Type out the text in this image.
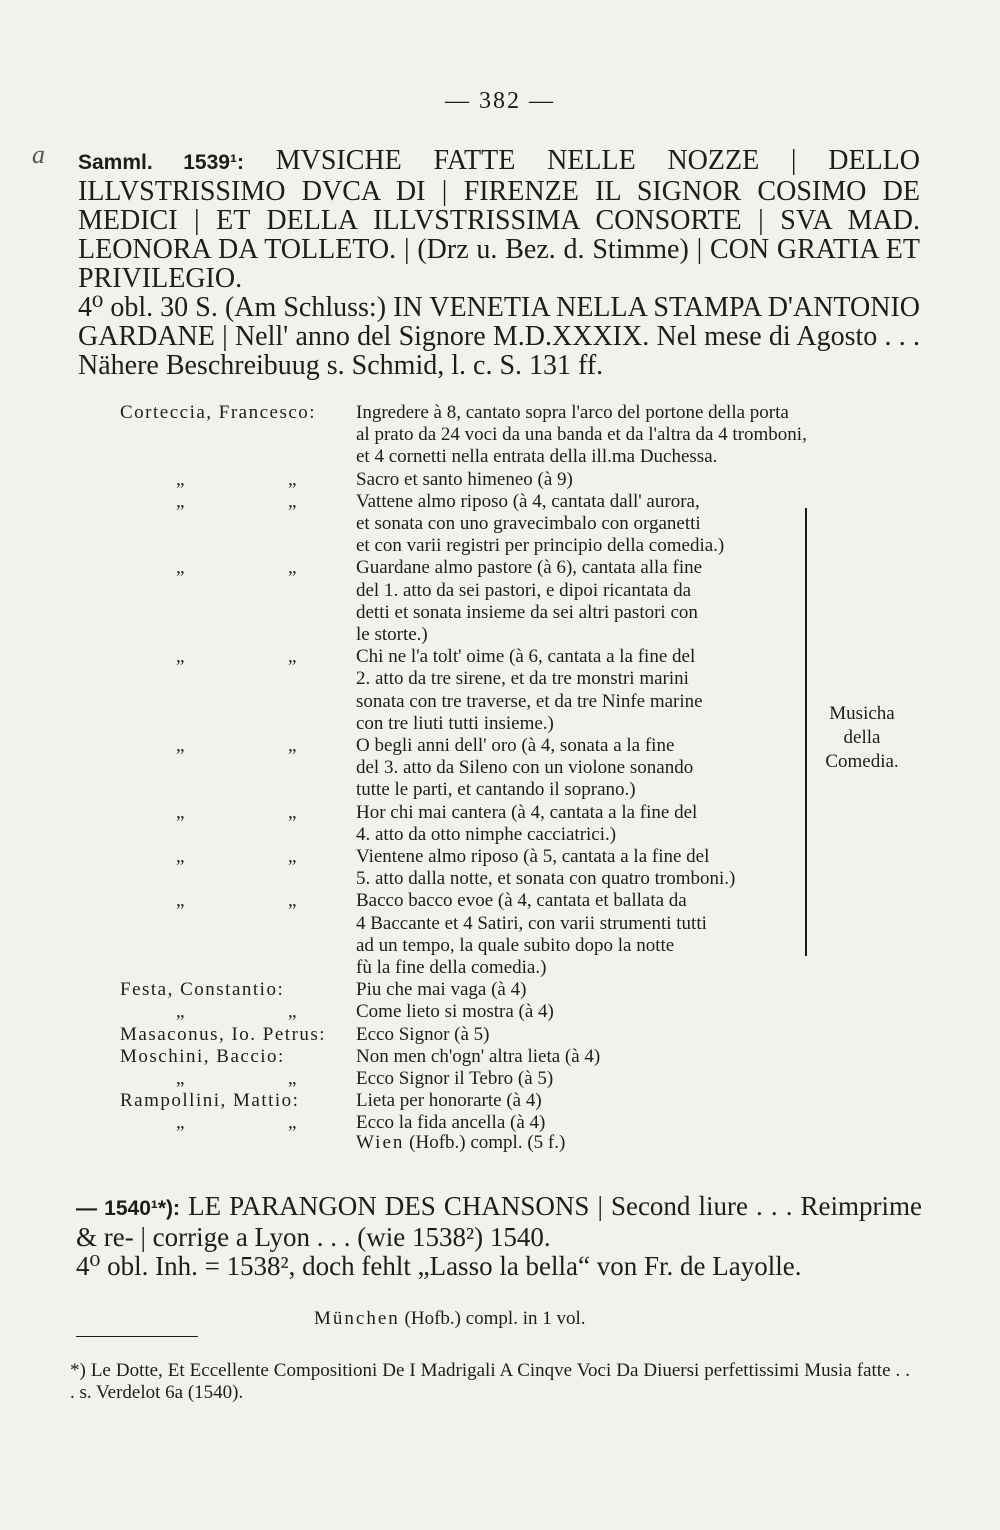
— 382 —
a Samml. 1539¹: MVSICHE FATTE NELLE NOZZE | DELLO ILLVSTRISSIMO DVCA DI | FIRENZE IL SIGNOR COSIMO DE MEDICI | ET DELLA ILLVSTRISSIMA CONSORTE | SVA MAD. LEONORA DA TOLLETO. | (Drz u. Bez. d. Stimme) | CON GRATIA ET PRIVILEGIO.

4⁰ obl. 30 S. (Am Schluss:) IN VENETIA NELLA STAMPA D'ANTONIO GARDANE | Nell' anno del Signore M.D.XXXIX. Nel mese di Agosto . . . Nähere Beschreibuug s. Schmid, l. c. S. 131 ff.

Corteccia, Francesco: Ingredere à 8, cantato sopra l'arco del portone della porta
al prato da 24 voci da una banda et da l'altra da 4 tromboni,
et 4 cornetti nella entrata della ill.ma Duchessa.
„	„	Sacro et santo himeneo (à 9)
„	„	Vattene almo riposo (à 4, cantata dall' aurora,
et sonata con uno gravecimbalo con organetti
et con varii registri per principio della comedia.)
„	„	Guardane almo pastore (à 6), cantata alla fine
del 1. atto da sei pastori, e dipoi ricantata da
detti et sonata insieme da sei altri pastori con
le storte.)
„	„	Chi ne l'a tolt' oime (à 6, cantata a la fine del
2. atto da tre sirene, et da tre monstri marini
sonata con tre traverse, et da tre Ninfe marine
con tre liuti tutti insieme.)
„	„	O begli anni dell' oro (à 4, sonata a la fine
del 3. atto da Sileno con un violone sonando
tutte le parti, et cantando il soprano.)
„	„	Hor chi mai cantera (à 4, cantata a la fine del
4. atto da otto nimphe cacciatrici.)
„	„	Vientene almo riposo (à 5, cantata a la fine del
5. atto dalla notte, et sonata con quatro tromboni.)
„	„	Bacco bacco evoe (à 4, cantata et ballata da
4 Baccante et 4 Satiri, con varii strumenti tutti
ad un tempo, la quale subito dopo la notte
fù la fine della comedia.)
Festa, Constantio:	Piu che mai vaga (à 4)
„	„	Come lieto si mostra (à 4)
Masaconus, Io. Petrus: Ecco Signor (à 5)
Moschini, Baccio:	Non men ch'ogn' altra lieta (à 4)
„	„	Ecco Signor il Tebro (à 5)
Rampollini, Mattio:	Lieta per honorarte (à 4)
„	„	Ecco la fida ancella (à 4)
Musicha
della
Comedia.
Wien (Hofb.) compl. (5 f.)

— 1540¹*): LE PARANGON DES CHANSONS | Second liure . . . Reimprime & re- | corrige a Lyon . . . (wie 1538²) 1540.

4⁰ obl. Inh. = 1538², doch fehlt „Lasso la bella“ von Fr. de Layolle.

München (Hofb.) compl. in 1 vol.

*) Le Dotte, Et Eccellente Compositioni De I Madrigali A Cinqve Voci Da Diuersi perfettissimi Musia fatte . . . s. Verdelot 6a (1540).
